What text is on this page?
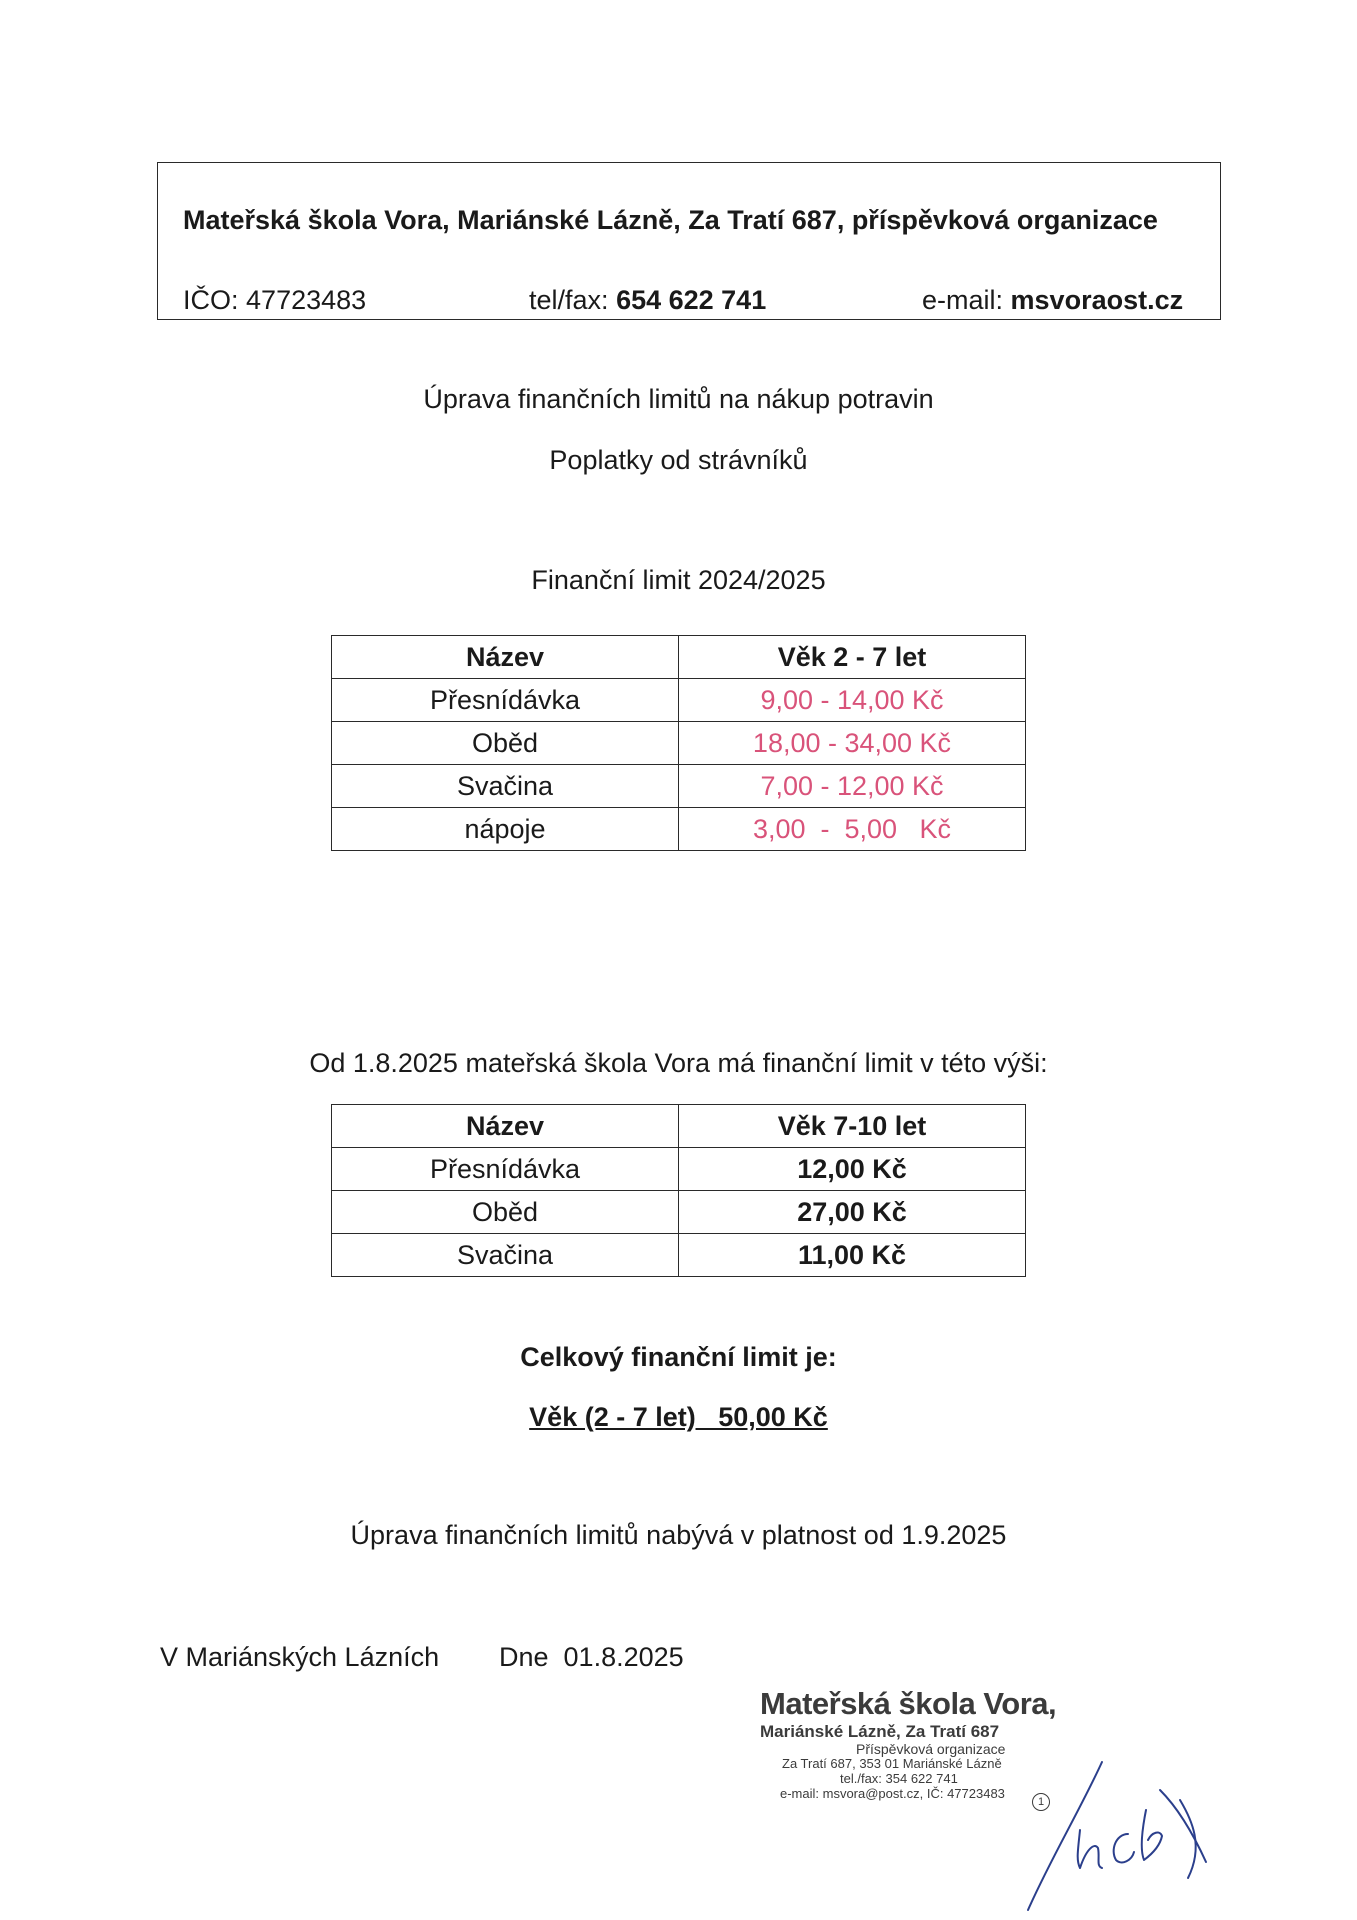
Mateřská škola Vora, Mariánské Lázně, Za Tratí 687, příspěvková organizace
IČO: 47723483	tel/fax: 654 622 741	e-mail: msvoraost.cz
Úprava finančních limitů na nákup potravin
Poplatky od strávníků
Finanční limit 2024/2025
Název	Věk 2 - 7 let
Přesnídávka	9,00 - 14,00 Kč
Oběd	18,00 - 34,00 Kč
Svačina	7,00 - 12,00 Kč
nápoje	3,00  -  5,00   Kč
Od 1.8.2025 mateřská škola Vora má finanční limit v této výši:
Název	Věk 7-10 let
Přesnídávka	12,00 Kč
Oběd	27,00 Kč
Svačina	11,00 Kč
Celkový finanční limit je:
Věk (2 - 7 let)   50,00 Kč
Úprava finančních limitů nabývá v platnost od 1.9.2025
V Mariánských Lázních Dne  01.8.2025
Mateřská škola Vora,
Mariánské Lázně, Za Tratí 687
Příspěvková organizace
Za Tratí 687, 353 01 Mariánské Lázně
tel./fax: 354 622 741
e-mail: msvora@post.cz, IČ: 47723483
1
